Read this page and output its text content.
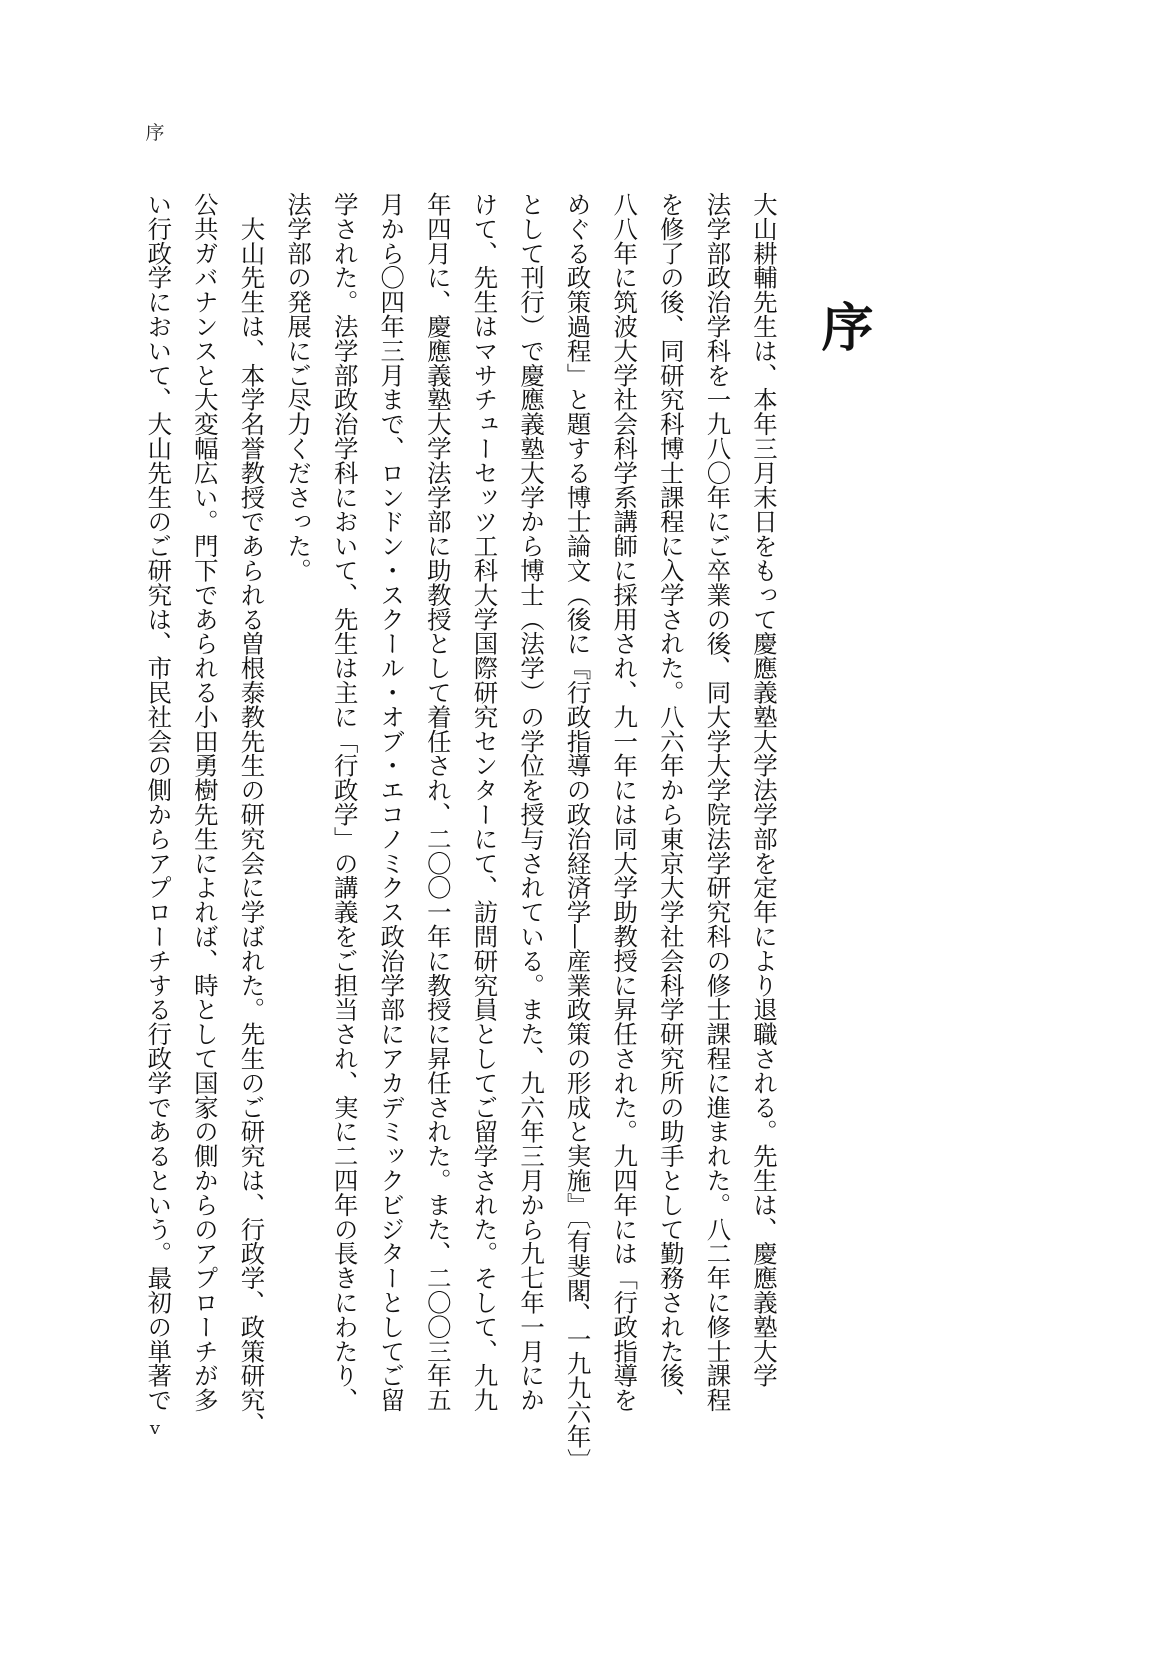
序
序
大山耕輔先生は、本年三月末日をもって慶應義塾大学法学部を定年により退職される。先生は、慶應義塾大学
法学部政治学科を一九八〇年にご卒業の後、同大学大学院法学研究科の修士課程に進まれた。八二年に修士課程
を修了の後、同研究科博士課程に入学された。八六年から東京大学社会科学研究所の助手として勤務された後、
八八年に筑波大学社会科学系講師に採用され、九一年には同大学助教授に昇任された。九四年には「行政指導を
めぐる政策過程」と題する博士論文（後に『行政指導の政治経済学―産業政策の形成と実施』〔有斐閣、一九九六年〕
として刊行）で慶應義塾大学から博士（法学）の学位を授与されている。また、九六年三月から九七年一月にか
けて、先生はマサチューセッツ工科大学国際研究センターにて、訪問研究員としてご留学された。そして、九九
年四月に、慶應義塾大学法学部に助教授として着任され、二〇〇一年に教授に昇任された。また、二〇〇三年五
月から〇四年三月まで、ロンドン・スクール・オブ・エコノミクス政治学部にアカデミックビジターとしてご留
学された。法学部政治学科において、先生は主に「行政学」の講義をご担当され、実に二四年の長きにわたり、
法学部の発展にご尽力くださった。
　大山先生は、本学名誉教授であられる曽根泰教先生の研究会に学ばれた。先生のご研究は、行政学、政策研究、
公共ガバナンスと大変幅広い。門下であられる小田勇樹先生によれば、時として国家の側からのアプローチが多
い行政学において、大山先生のご研究は、市民社会の側からアプローチする行政学であるという。最初の単著で
v
